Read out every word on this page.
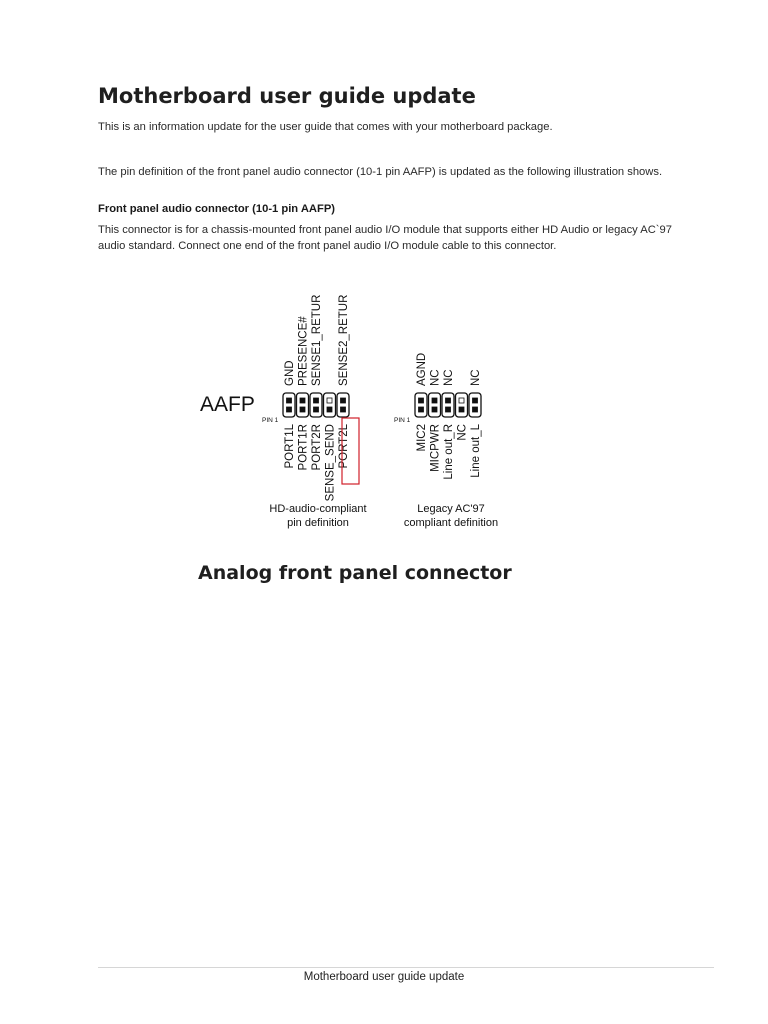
Motherboard user guide update

This is an information update for the user guide that comes with your motherboard package.

The pin definition of the front panel audio connector (10-1 pin AAFP) is updated as the following illustration shows.

Front panel audio connector (10-1 pin AAFP)

This connector is for a chassis-mounted front panel audio I/O module that supports either HD Audio or legacy AC`97 audio standard. Connect one end of the front panel audio I/O module cable to this connector.

AAFP
PIN 1
GND PRESENCE# SENSE1_RETUR SENSE2_RETUR
PORT1L PORT1R PORT2R SENSE_SEND PORT2L
HD-audio-compliant
pin definition
PIN 1
AGND NC NC NC
MIC2 MICPWR Line out_R NC Line out_L
Legacy AC'97
compliant definition

Analog front panel connector

Motherboard user guide update
